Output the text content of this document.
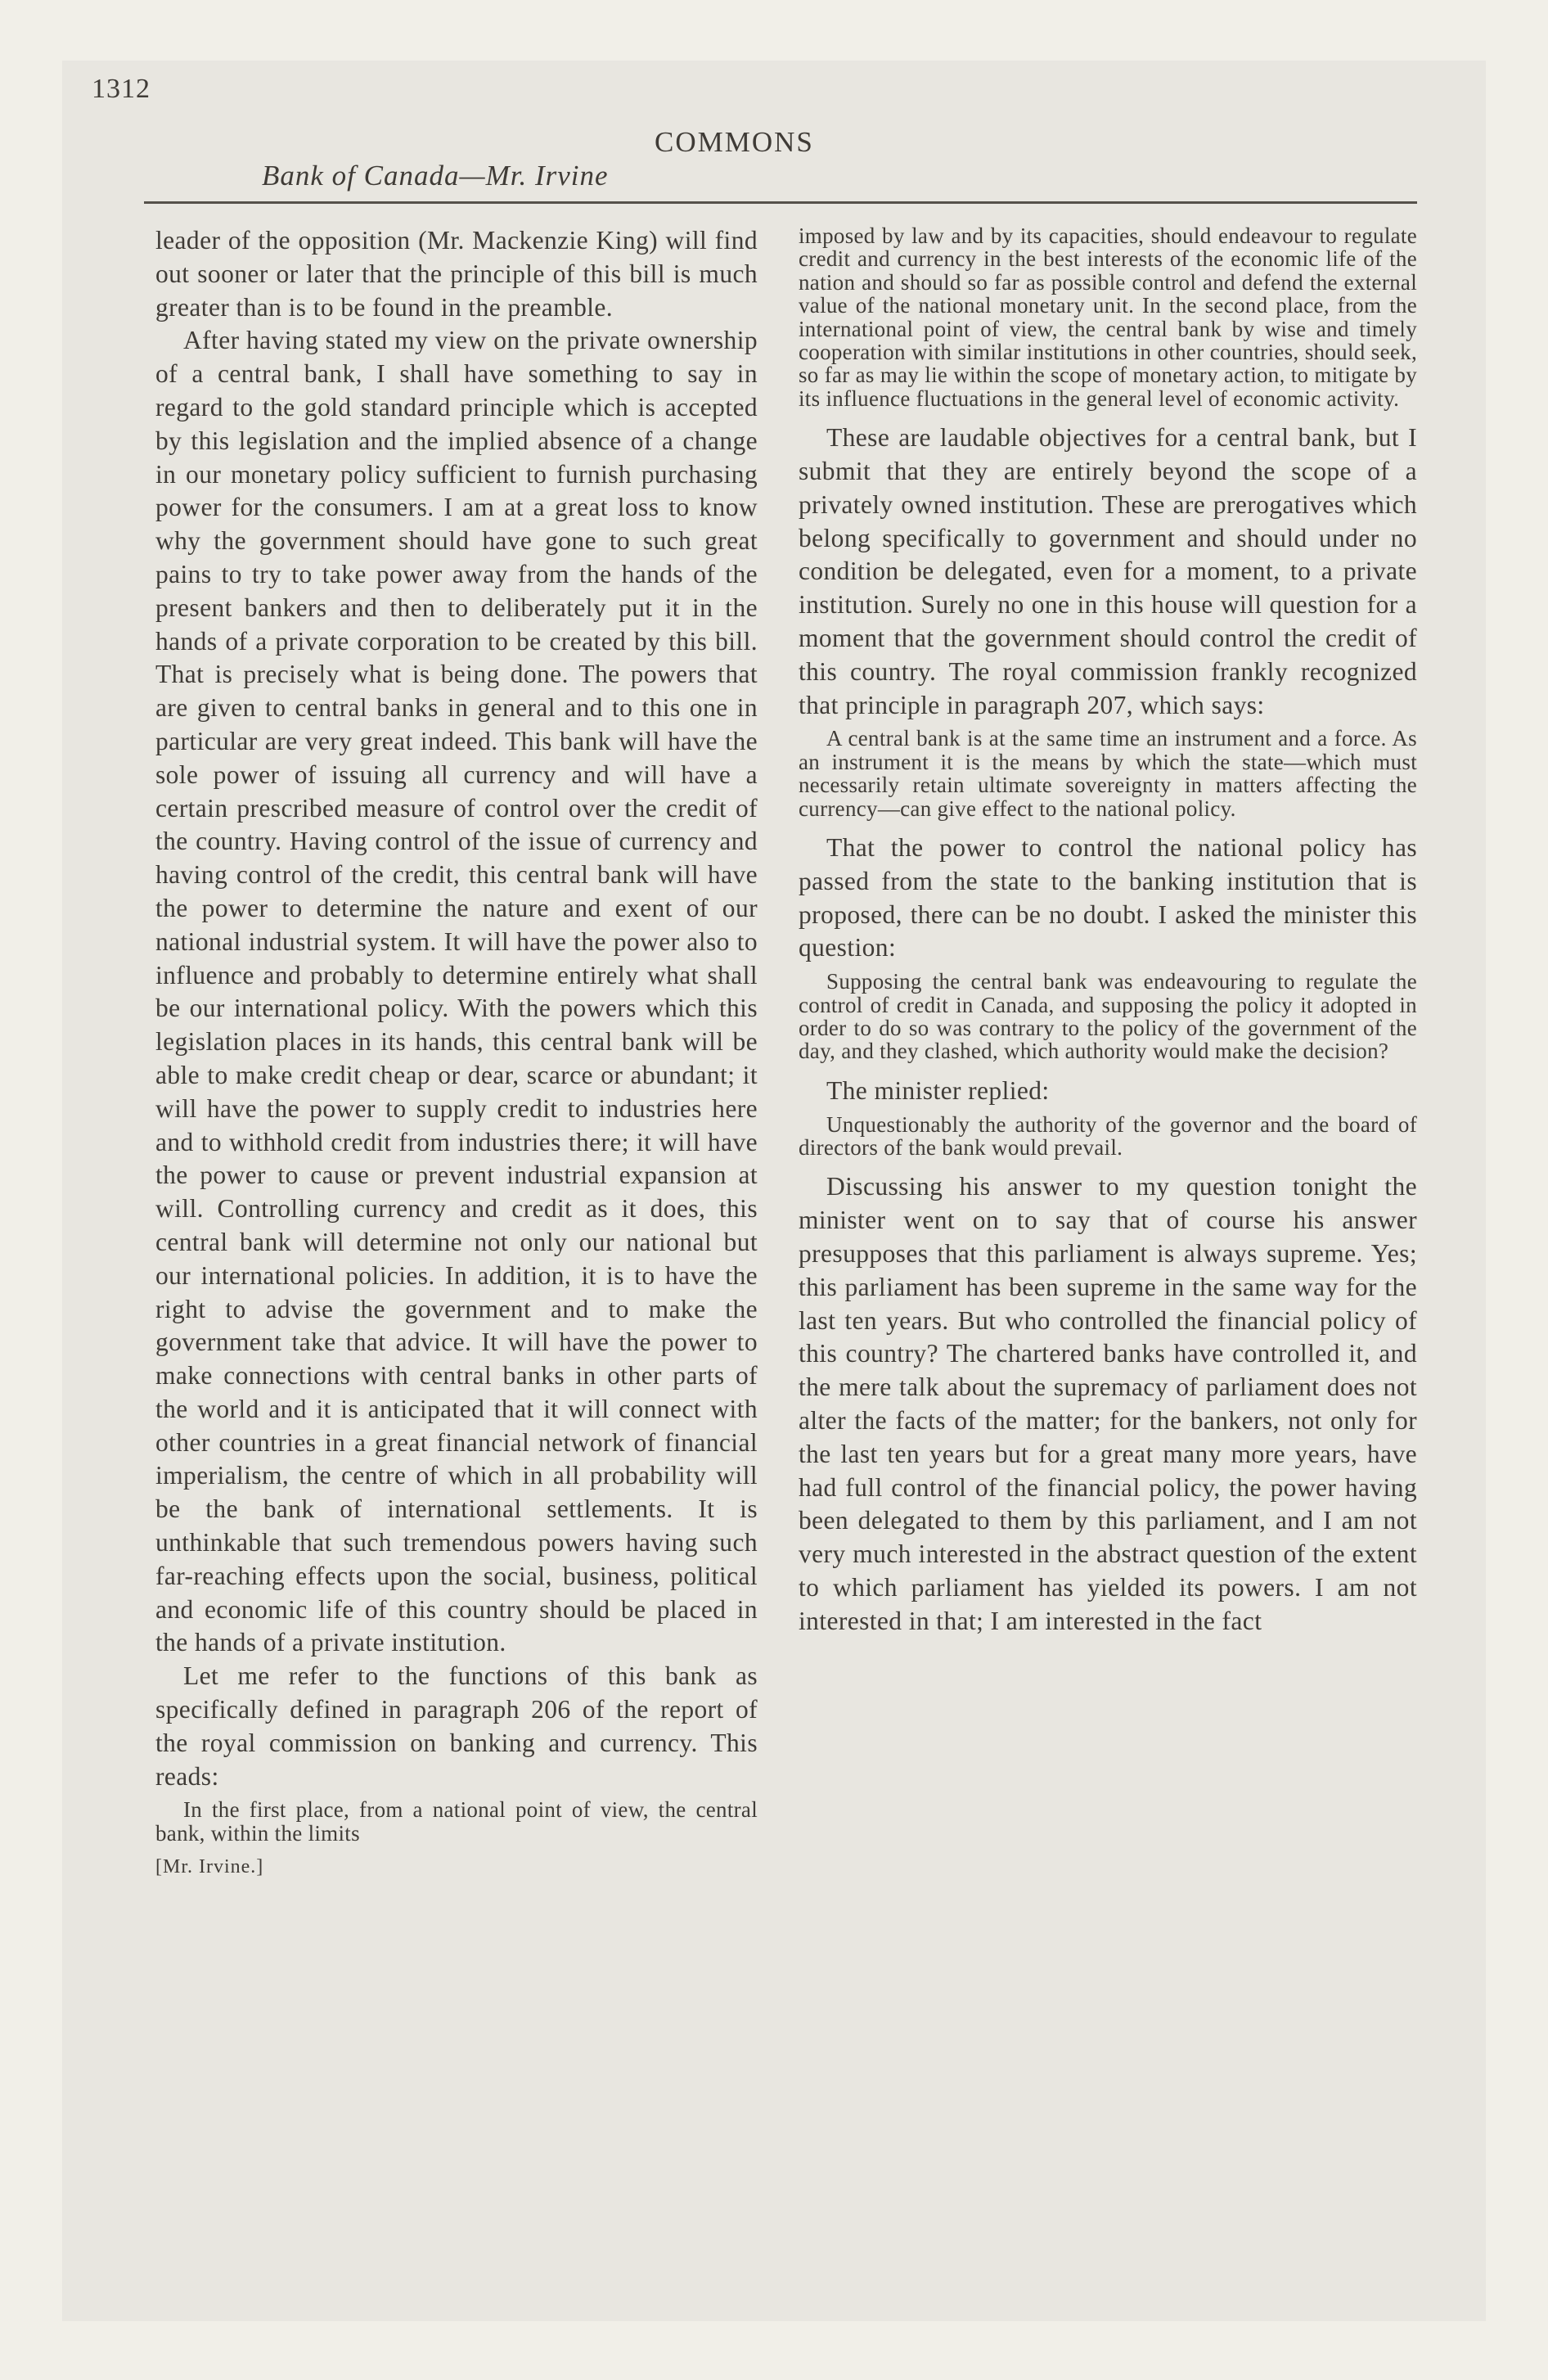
1312
COMMONS
Bank of Canada—Mr. Irvine

leader of the opposition (Mr. Mackenzie King) will find out sooner or later that the principle of this bill is much greater than is to be found in the preamble.

After having stated my view on the private ownership of a central bank, I shall have something to say in regard to the gold standard principle which is accepted by this legislation and the implied absence of a change in our monetary policy sufficient to furnish purchasing power for the consumers. I am at a great loss to know why the government should have gone to such great pains to try to take power away from the hands of the present bankers and then to deliberately put it in the hands of a private corporation to be created by this bill. That is precisely what is being done. The powers that are given to central banks in general and to this one in particular are very great indeed. This bank will have the sole power of issuing all currency and will have a certain prescribed measure of control over the credit of the country. Having control of the issue of currency and having control of the credit, this central bank will have the power to determine the nature and exent of our national industrial system. It will have the power also to influence and probably to determine entirely what shall be our international policy. With the powers which this legislation places in its hands, this central bank will be able to make credit cheap or dear, scarce or abundant; it will have the power to supply credit to industries here and to withhold credit from industries there; it will have the power to cause or prevent industrial expansion at will. Controlling currency and credit as it does, this central bank will determine not only our national but our international policies. In addition, it is to have the right to advise the government and to make the government take that advice. It will have the power to make connections with central banks in other parts of the world and it is anticipated that it will connect with other countries in a great financial network of financial imperialism, the centre of which in all probability will be the bank of international settlements. It is unthinkable that such tremendous powers having such far-reaching effects upon the social, business, political and economic life of this country should be placed in the hands of a private institution.

Let me refer to the functions of this bank as specifically defined in paragraph 206 of the report of the royal commission on banking and currency. This reads:

In the first place, from a national point of view, the central bank, within the limits

[Mr. Irvine.]

imposed by law and by its capacities, should endeavour to regulate credit and currency in the best interests of the economic life of the nation and should so far as possible control and defend the external value of the national monetary unit. In the second place, from the international point of view, the central bank by wise and timely cooperation with similar institutions in other countries, should seek, so far as may lie within the scope of monetary action, to mitigate by its influence fluctuations in the general level of economic activity.

These are laudable objectives for a central bank, but I submit that they are entirely beyond the scope of a privately owned institution. These are prerogatives which belong specifically to government and should under no condition be delegated, even for a moment, to a private institution. Surely no one in this house will question for a moment that the government should control the credit of this country. The royal commission frankly recognized that principle in paragraph 207, which says:

A central bank is at the same time an instrument and a force. As an instrument it is the means by which the state—which must necessarily retain ultimate sovereignty in matters affecting the currency—can give effect to the national policy.

That the power to control the national policy has passed from the state to the banking institution that is proposed, there can be no doubt. I asked the minister this question:

Supposing the central bank was endeavouring to regulate the control of credit in Canada, and supposing the policy it adopted in order to do so was contrary to the policy of the government of the day, and they clashed, which authority would make the decision?

The minister replied:

Unquestionably the authority of the governor and the board of directors of the bank would prevail.

Discussing his answer to my question tonight the minister went on to say that of course his answer presupposes that this parliament is always supreme. Yes; this parliament has been supreme in the same way for the last ten years. But who controlled the financial policy of this country? The chartered banks have controlled it, and the mere talk about the supremacy of parliament does not alter the facts of the matter; for the bankers, not only for the last ten years but for a great many more years, have had full control of the financial policy, the power having been delegated to them by this parliament, and I am not very much interested in the abstract question of the extent to which parliament has yielded its powers. I am not interested in that; I am interested in the fact
